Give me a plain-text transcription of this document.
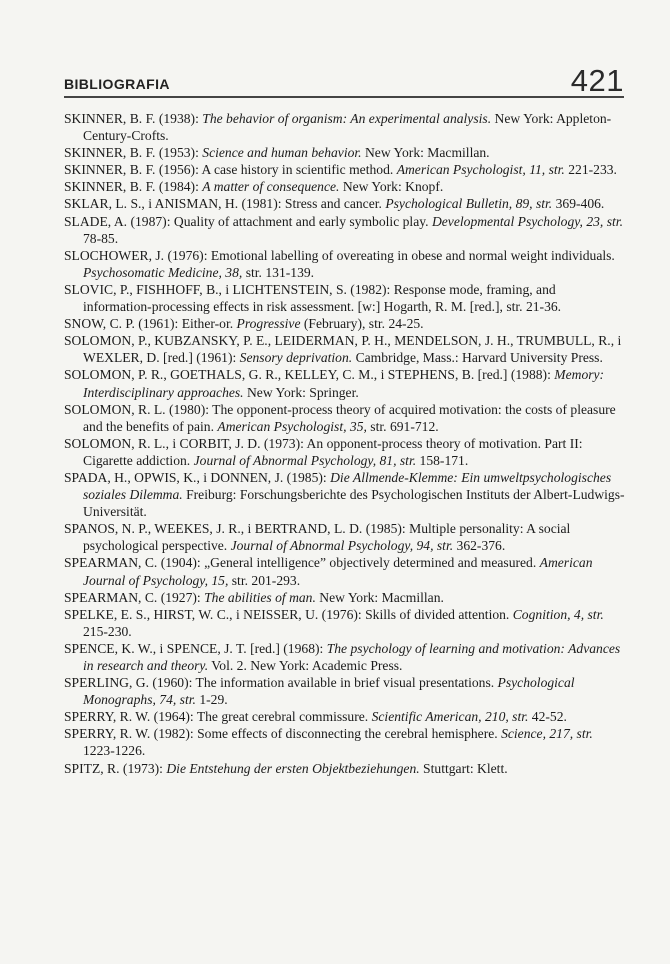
BIBLIOGRAFIA	421

SKINNER, B. F. (1938): The behavior of organism: An experimental analysis. New York: Appleton-Century-Crofts.

SKINNER, B. F. (1953): Science and human behavior. New York: Macmillan.

SKINNER, B. F. (1956): A case history in scientific method. American Psychologist, 11, str. 221-233.

SKINNER, B. F. (1984): A matter of consequence. New York: Knopf.

SKLAR, L. S., i ANISMAN, H. (1981): Stress and cancer. Psychological Bulletin, 89, str. 369-406.

SLADE, A. (1987): Quality of attachment and early symbolic play. Developmental Psychology, 23, str. 78-85.

SLOCHOWER, J. (1976): Emotional labelling of overeating in obese and normal weight individuals. Psychosomatic Medicine, 38, str. 131-139.

SLOVIC, P., FISHHOFF, B., i LICHTENSTEIN, S. (1982): Response mode, framing, and information-processing effects in risk assessment. [w:] Hogarth, R. M. [red.], str. 21-36.

SNOW, C. P. (1961): Either-or. Progressive (February), str. 24-25.

SOLOMON, P., KUBZANSKY, P. E., LEIDERMAN, P. H., MENDELSON, J. H., TRUMBULL, R., i WEXLER, D. [red.] (1961): Sensory deprivation. Cambridge, Mass.: Harvard University Press.

SOLOMON, P. R., GOETHALS, G. R., KELLEY, C. M., i STEPHENS, B. [red.] (1988): Memory: Interdisciplinary approaches. New York: Springer.

SOLOMON, R. L. (1980): The opponent-process theory of acquired motivation: the costs of pleasure and the benefits of pain. American Psychologist, 35, str. 691-712.

SOLOMON, R. L., i CORBIT, J. D. (1973): An opponent-process theory of motivation. Part II: Cigarette addiction. Journal of Abnormal Psychology, 81, str. 158-171.

SPADA, H., OPWIS, K., i DONNEN, J. (1985): Die Allmende-Klemme: Ein umweltpsychologisches soziales Dilemma. Freiburg: Forschungsberichte des Psychologischen Instituts der Albert-Ludwigs-Universität.

SPANOS, N. P., WEEKES, J. R., i BERTRAND, L. D. (1985): Multiple personality: A social psychological perspective. Journal of Abnormal Psychology, 94, str. 362-376.

SPEARMAN, C. (1904): „General intelligence” objectively determined and measured. American Journal of Psychology, 15, str. 201-293.

SPEARMAN, C. (1927): The abilities of man. New York: Macmillan.

SPELKE, E. S., HIRST, W. C., i NEISSER, U. (1976): Skills of divided attention. Cognition, 4, str. 215-230.

SPENCE, K. W., i SPENCE, J. T. [red.] (1968): The psychology of learning and motivation: Advances in research and theory. Vol. 2. New York: Academic Press.

SPERLING, G. (1960): The information available in brief visual presentations. Psychological Monographs, 74, str. 1-29.

SPERRY, R. W. (1964): The great cerebral commissure. Scientific American, 210, str. 42-52.

SPERRY, R. W. (1982): Some effects of disconnecting the cerebral hemisphere. Science, 217, str. 1223-1226.

SPITZ, R. (1973): Die Entstehung der ersten Objektbeziehungen. Stuttgart: Klett.
